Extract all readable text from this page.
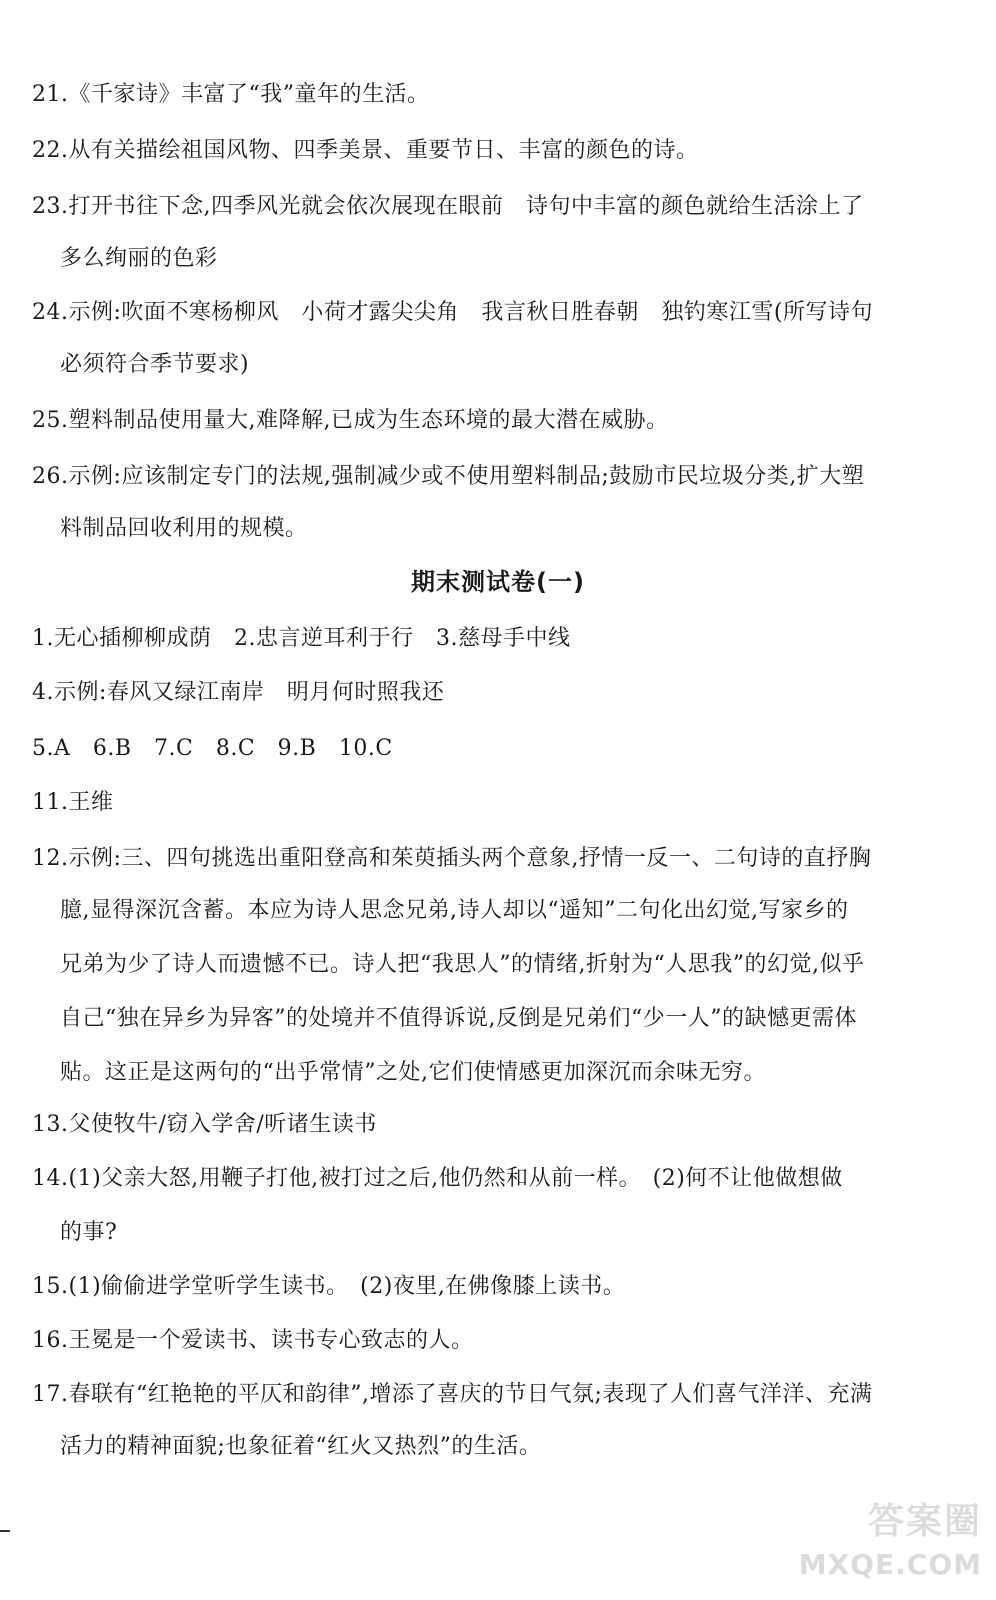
21.《千家诗》丰富了“我”童年的生活。
22.从有关描绘祖国风物、四季美景、重要节日、丰富的颜色的诗。
23.打开书往下念,四季风光就会依次展现在眼前　诗句中丰富的颜色就给生活涂上了
多么绚丽的色彩
24.示例:吹面不寒杨柳风　小荷才露尖尖角　我言秋日胜春朝　独钓寒江雪(所写诗句
必须符合季节要求)
25.塑料制品使用量大,难降解,已成为生态环境的最大潜在威胁。
26.示例:应该制定专门的法规,强制减少或不使用塑料制品;鼓励市民垃圾分类,扩大塑
料制品回收利用的规模。
期末测试卷(一)
1.无心插柳柳成荫　2.忠言逆耳利于行　3.慈母手中线
4.示例:春风又绿江南岸　明月何时照我还
5.A　6.B　7.C　8.C　9.B　10.C
11.王维
12.示例:三、四句挑选出重阳登高和茱萸插头两个意象,抒情一反一、二句诗的直抒胸
臆,显得深沉含蓄。本应为诗人思念兄弟,诗人却以“遥知”二句化出幻觉,写家乡的
兄弟为少了诗人而遗憾不已。诗人把“我思人”的情绪,折射为“人思我”的幻觉,似乎
自己“独在异乡为异客”的处境并不值得诉说,反倒是兄弟们“少一人”的缺憾更需体
贴。这正是这两句的“出乎常情”之处,它们使情感更加深沉而余味无穷。
13.父使牧牛/窃入学舍/听诸生读书
14.(1)父亲大怒,用鞭子打他,被打过之后,他仍然和从前一样。　(2)何不让他做想做
的事?
15.(1)偷偷进学堂听学生读书。　(2)夜里,在佛像膝上读书。
16.王冕是一个爱读书、读书专心致志的人。
17.春联有“红艳艳的平仄和韵律”,增添了喜庆的节日气氛;表现了人们喜气洋洋、充满
活力的精神面貌;也象征着“红火又热烈”的生活。
答案圈
MXQE.COM
